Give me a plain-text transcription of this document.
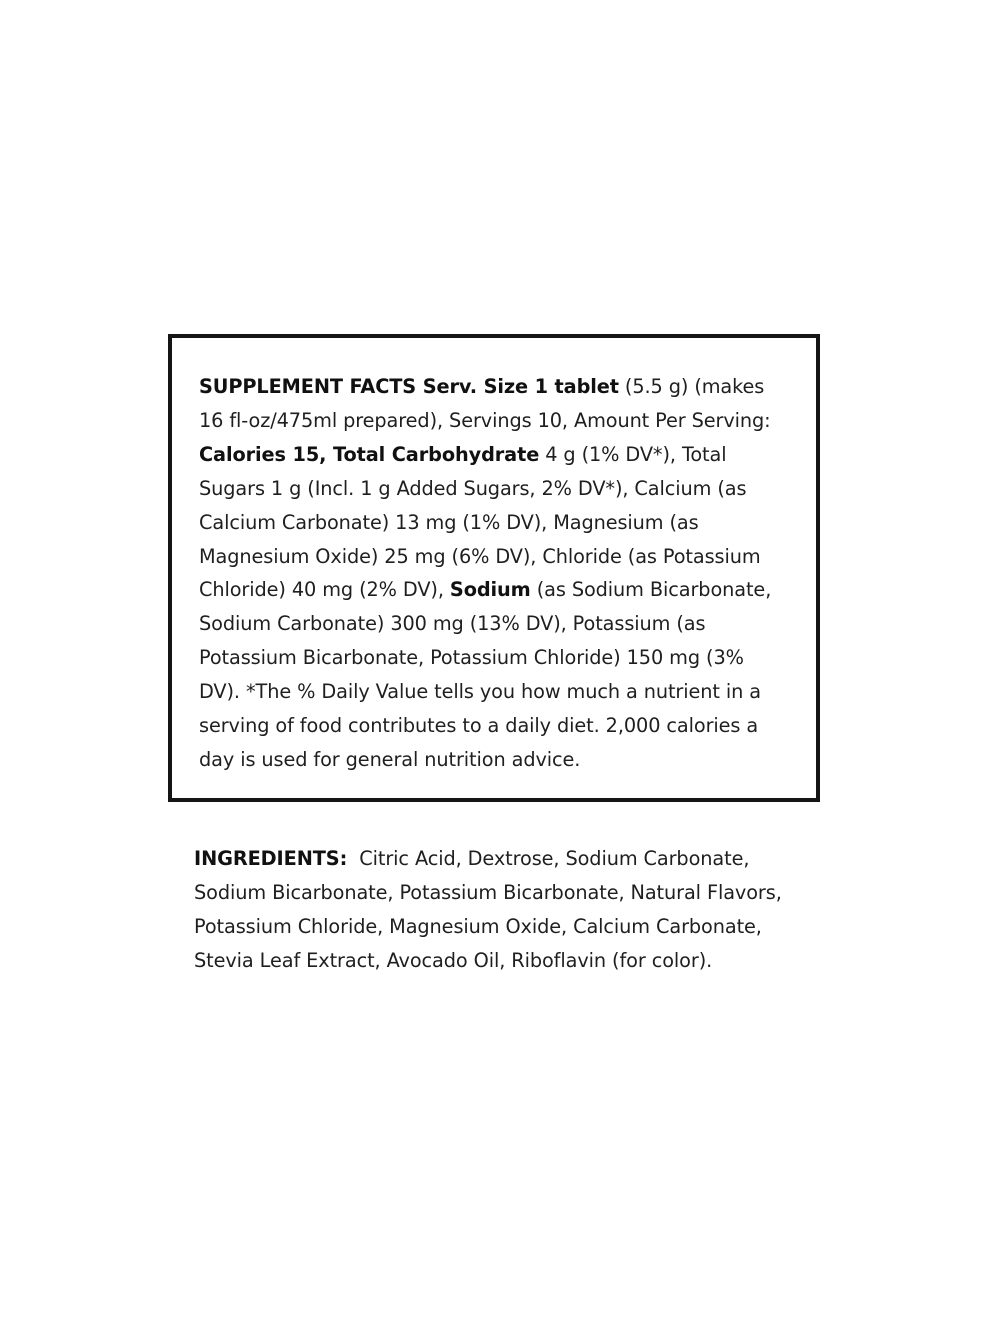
SUPPLEMENT FACTS Serv. Size 1 tablet (5.5 g) (makes
16 fl-oz/475ml prepared), Servings 10, Amount Per Serving:
Calories 15, Total Carbohydrate 4 g (1% DV*), Total
Sugars 1 g (Incl. 1 g Added Sugars, 2% DV*), Calcium (as
Calcium Carbonate) 13 mg (1% DV), Magnesium (as
Magnesium Oxide) 25 mg (6% DV), Chloride (as Potassium
Chloride) 40 mg (2% DV), Sodium (as Sodium Bicarbonate,
Sodium Carbonate) 300 mg (13% DV), Potassium (as
Potassium Bicarbonate, Potassium Chloride) 150 mg (3%
DV). *The % Daily Value tells you how much a nutrient in a
serving of food contributes to a daily diet. 2,000 calories a
day is used for general nutrition advice.

INGREDIENTS:  Citric Acid, Dextrose, Sodium Carbonate,
Sodium Bicarbonate, Potassium Bicarbonate, Natural Flavors,
Potassium Chloride, Magnesium Oxide, Calcium Carbonate,
Stevia Leaf Extract, Avocado Oil, Riboflavin (for color).
